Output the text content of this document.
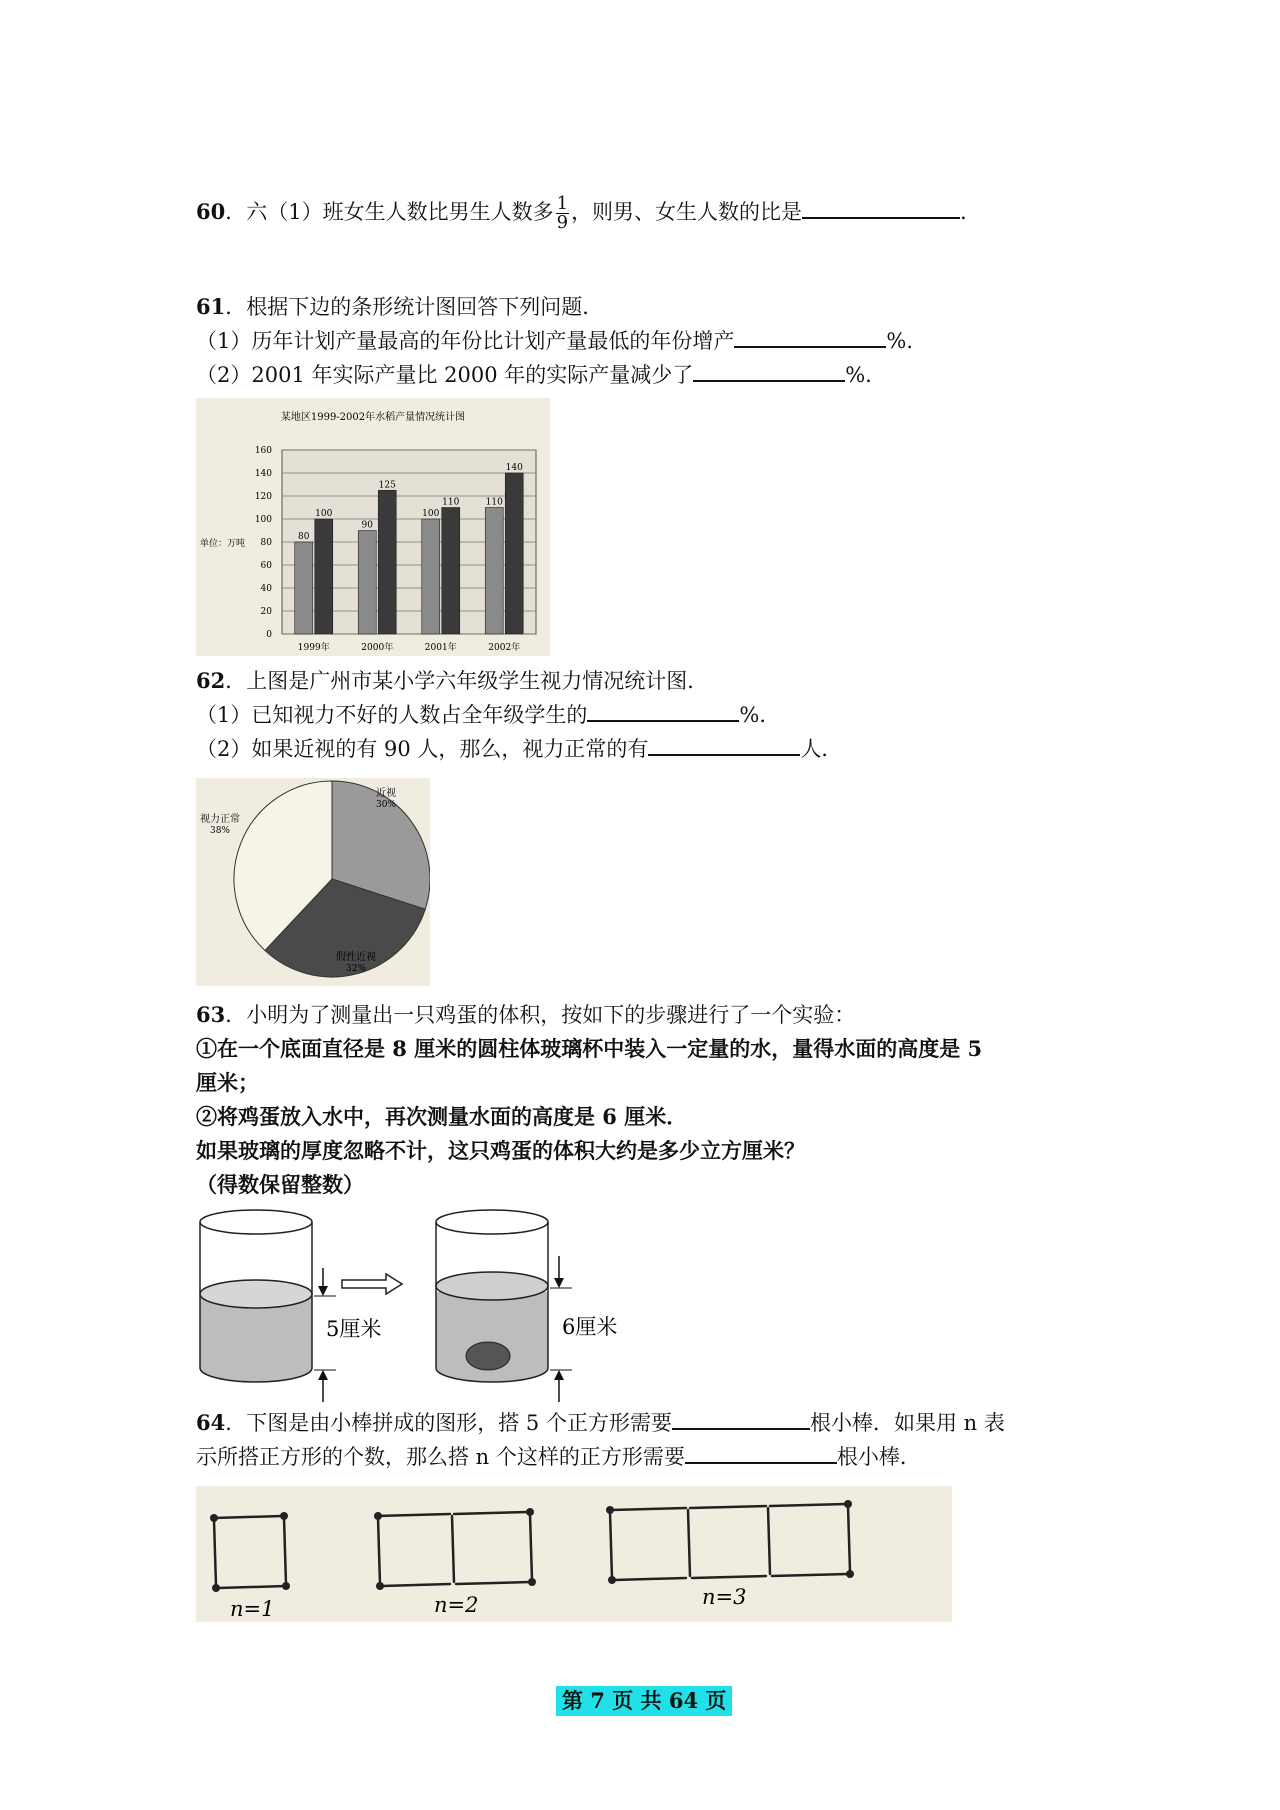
60．六（1）班女生人数比男生人数多 $\frac{1}{9}$ ，则男、女生人数的比是	．
61．根据下边的条形统计图回答下列问题．
（1）历年计划产量最高的年份比计划产量最低的年份增产	%．
（2）2001 年实际产量比 2000 年的实际产量减少了	%．
某地区1999-2002年水稻产量情况统计图
0
20
40
60
80
100
120
140
160
单位：万吨
80
100
1999年
90
125
2000年
100
110
2001年
110
140
2002年
62．上图是广州市某小学六年级学生视力情况统计图．
（1）已知视力不好的人数占全年级学生的	%．
（2）如果近视的有 90 人，那么，视力正常的有	人．
近视
30%
假性近视
32%
视力正常
38%
63．小明为了测量出一只鸡蛋的体积，按如下的步骤进行了一个实验：
①在一个底面直径是 8 厘米的圆柱体玻璃杯中装入一定量的水，量得水面的高度是 5
厘米；
②将鸡蛋放入水中，再次测量水面的高度是 6 厘米．
如果玻璃的厚度忽略不计，这只鸡蛋的体积大约是多少立方厘米？
（得数保留整数）
5厘米	6厘米
64．下图是由小棒拼成的图形，搭 5 个正方形需要	根小棒．如果用 n 表
示所搭正方形的个数，那么搭 n 个这样的正方形需要	根小棒．
n=1	n=2	n=3
第 7 页 共 64 页
